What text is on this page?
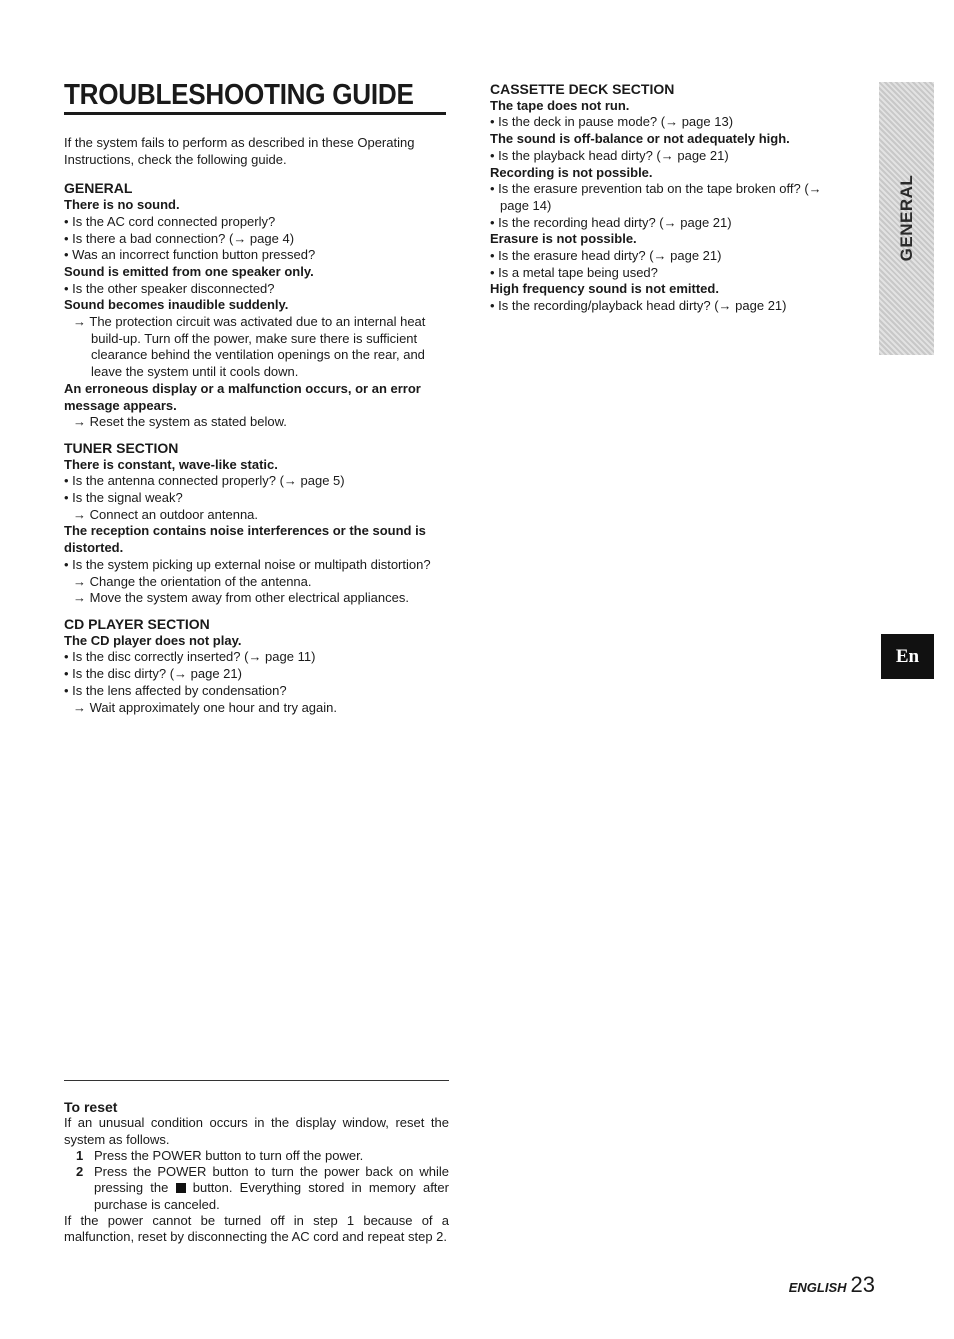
TROUBLESHOOTING GUIDE
If the system fails to perform as described in these Operating Instructions, check the following guide.
GENERAL
There is no sound.
• Is the AC cord connected properly?
• Is there a bad connection? (→ page 4)
• Was an incorrect function button pressed?
Sound is emitted from one speaker only.
• Is the other speaker disconnected?
Sound becomes inaudible suddenly.
→ The protection circuit was activated due to an internal heat build-up. Turn off the power, make sure there is sufficient clearance behind the ventilation openings on the rear, and leave the system until it cools down.
An erroneous display or a malfunction occurs, or an error message appears.
→ Reset the system as stated below.
TUNER SECTION
There is constant, wave-like static.
• Is the antenna connected properly? (→ page 5)
• Is the signal weak?
→ Connect an outdoor antenna.
The reception contains noise interferences or the sound is distorted.
• Is the system picking up external noise or multipath distortion?
→ Change the orientation of the antenna.
→ Move the system away from other electrical appliances.
CD PLAYER SECTION
The CD player does not play.
• Is the disc correctly inserted? (→ page 11)
• Is the disc dirty? (→ page 21)
• Is the lens affected by condensation?
→ Wait approximately one hour and try again.
CASSETTE DECK SECTION
The tape does not run.
• Is the deck in pause mode? (→ page 13)
The sound is off-balance or not adequately high.
• Is the playback head dirty? (→ page 21)
Recording is not possible.
• Is the erasure prevention tab on the tape broken off? (→ page 14)
• Is the recording head dirty? (→ page 21)
Erasure is not possible.
• Is the erasure head dirty? (→ page 21)
• Is a metal tape being used?
High frequency sound is not emitted.
• Is the recording/playback head dirty? (→ page 21)
To reset
If an unusual condition occurs in the display window, reset the system as follows.
1 Press the POWER button to turn off the power.
2 Press the POWER button to turn the power back on while pressing the button. Everything stored in memory after purchase is canceled.
If the power cannot be turned off in step 1 because of a malfunction, reset by disconnecting the AC cord and repeat step 2.
GENERAL
En
ENGLISH 23
